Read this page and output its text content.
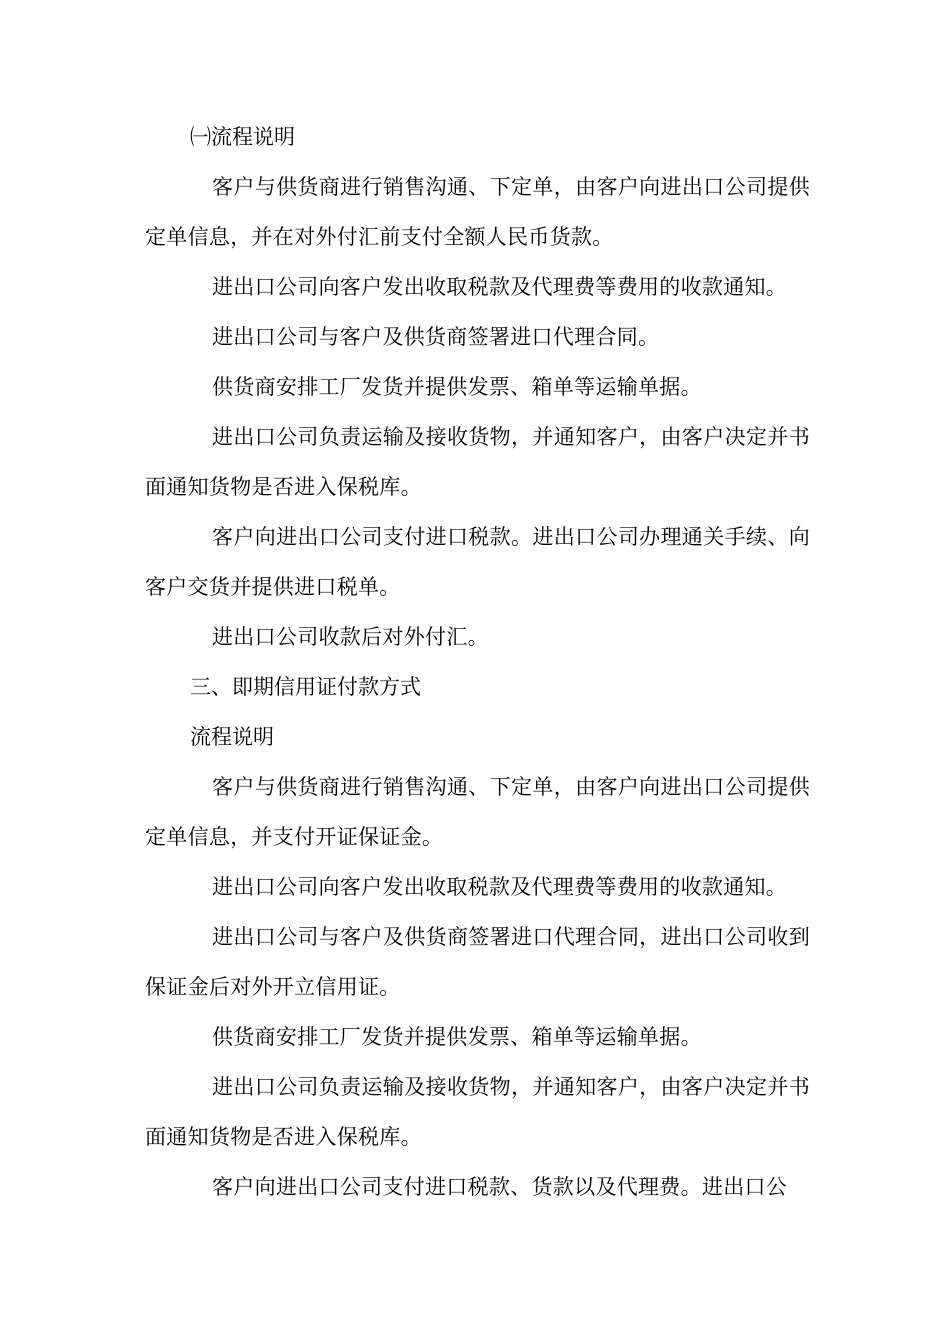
㈠流程说明

客户与供货商进行销售沟通、下定单，由客户向进出口公司提供定单信息，并在对外付汇前支付全额人民币货款。

进出口公司向客户发出收取税款及代理费等费用的收款通知。

进出口公司与客户及供货商签署进口代理合同。

供货商安排工厂发货并提供发票、箱单等运输单据。

进出口公司负责运输及接收货物，并通知客户，由客户决定并书面通知货物是否进入保税库。

客户向进出口公司支付进口税款。进出口公司办理通关手续、向客户交货并提供进口税单。

进出口公司收款后对外付汇。

三、即期信用证付款方式

流程说明

客户与供货商进行销售沟通、下定单，由客户向进出口公司提供定单信息，并支付开证保证金。

进出口公司向客户发出收取税款及代理费等费用的收款通知。

进出口公司与客户及供货商签署进口代理合同，进出口公司收到保证金后对外开立信用证。

供货商安排工厂发货并提供发票、箱单等运输单据。

进出口公司负责运输及接收货物，并通知客户，由客户决定并书面通知货物是否进入保税库。

客户向进出口公司支付进口税款、货款以及代理费。进出口公
